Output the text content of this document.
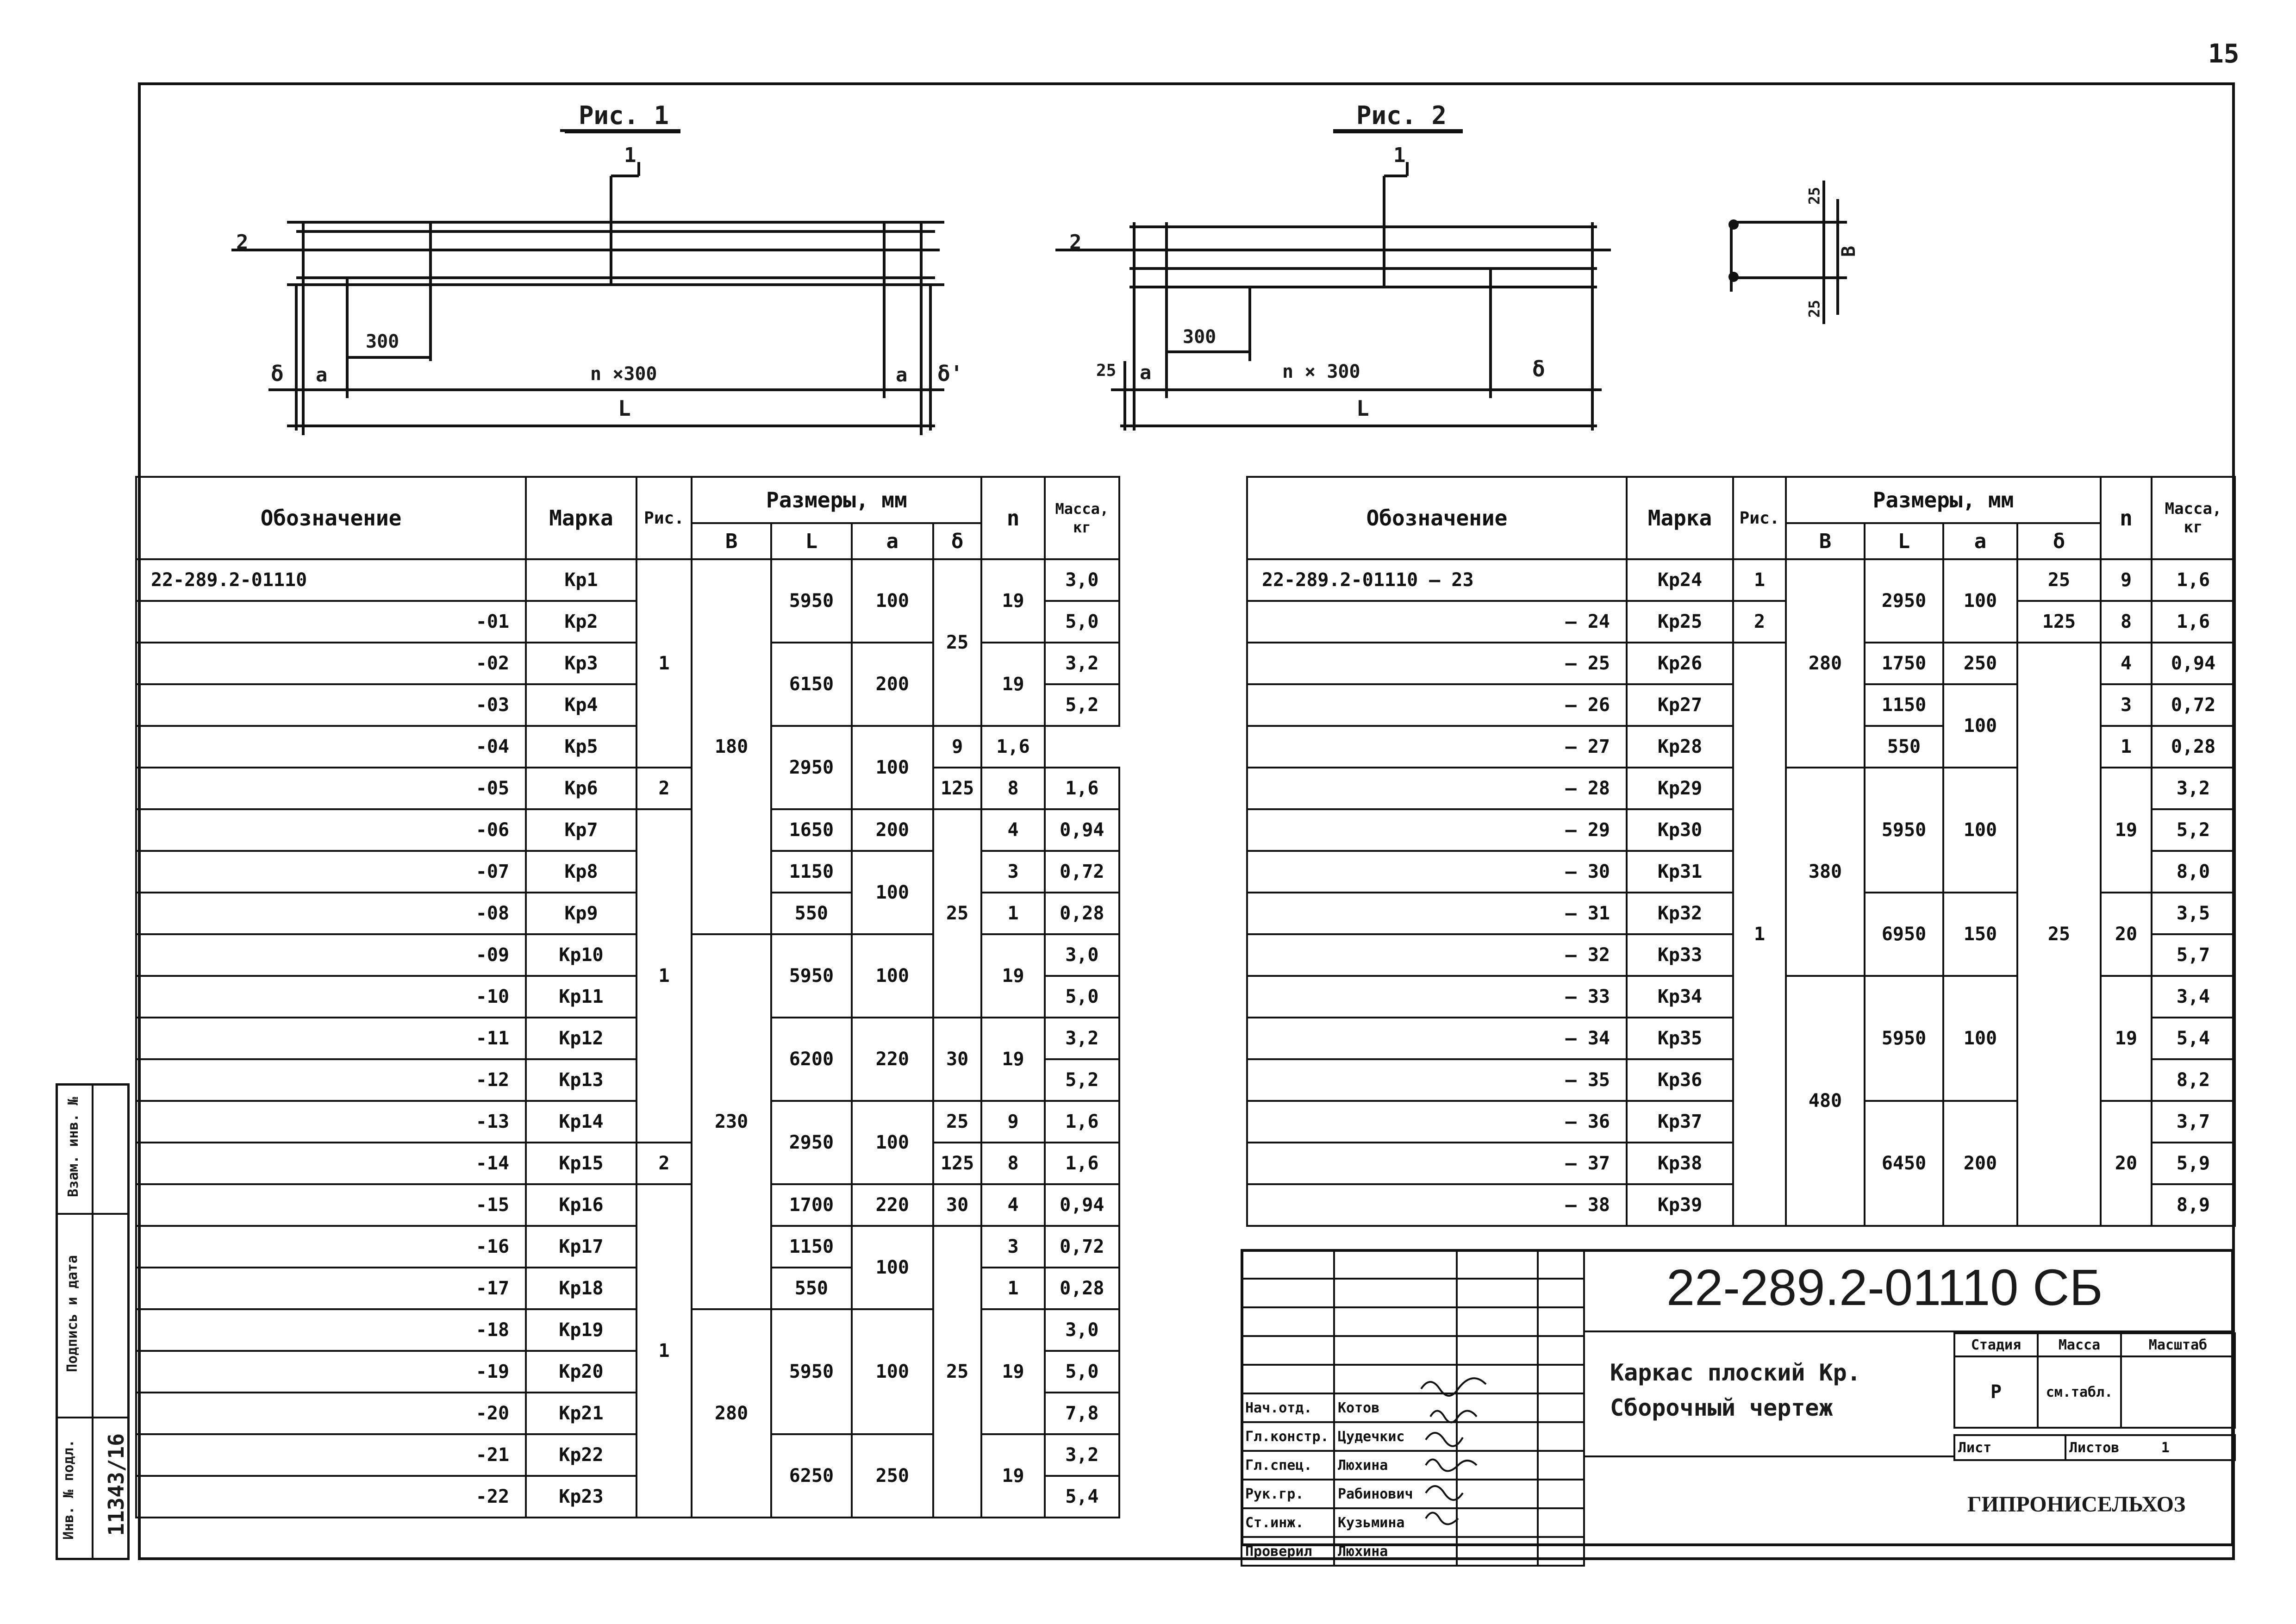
15
Рис. 1
1
2
300
n ×300
a	a
δ	δ'
L
Рис. 2
1
2
300
n × 300
a
25	δ
L
25
25
B
Обозначение	Марка	Рис.	Размеры, мм				n	Масса, кг
			B	L	a	δ		
22-289.2-01110	Кр1	1	180	5950	100	25	19	3,0
-01	Кр2							5,0
-02	Кр3			6150	200		19	3,2
-03	Кр4							5,2
-04	Кр5			2950	100	9	1,6	
-05	Кр6	2				125	8	1,6
-06	Кр7	1		1650	200	25	4	0,94
-07	Кр8			1150	100		3	0,72
-08	Кр9			550			1	0,28
-09	Кр10		230	5950	100		19	3,0
-10	Кр11							5,0
-11	Кр12			6200	220	30	19	3,2
-12	Кр13							5,2
-13	Кр14			2950	100	25	9	1,6
-14	Кр15	2				125	8	1,6
-15	Кр16	1		1700	220	30	4	0,94
-16	Кр17			1150	100	25	3	0,72
-17	Кр18			550			1	0,28
-18	Кр19		280	5950	100		19	3,0
-19	Кр20							5,0
-20	Кр21							7,8
-21	Кр22			6250	250		19	3,2
-22	Кр23							5,4
Обозначение	Марка	Рис.	Размеры, мм				n	Масса, кг
			B	L	a	δ		
22-289.2-01110 – 23	Кр24	1	280	2950	100	25	9	1,6
– 24	Кр25	2				125	8	1,6
– 25	Кр26	1		1750	250	25	4	0,94
– 26	Кр27			1150	100		3	0,72
– 27	Кр28			550			1	0,28
– 28	Кр29		380	5950	100		19	3,2
– 29	Кр30							5,2
– 30	Кр31							8,0
– 31	Кр32			6950	150		20	3,5
– 32	Кр33							5,7
– 33	Кр34		480	5950	100		19	3,4
– 34	Кр35							5,4
– 35	Кр36							8,2
– 36	Кр37			6450	200		20	3,7
– 37	Кр38							5,9
– 38	Кр39							8,9

Нач.отд.	Котов		
Гл.констр.	Цудечкис		
Гл.спец.	Люхина		
Рук.гр.	Рабинович		
Ст.инж.	Кузьмина		
Проверил	Люхина		
22-289.2-01110 СБ
Каркас плоский Кр.
Сборочный чертеж
Стадия	Масса	Масштаб
Р	см.табл.	
Лист	Листов	1
ГИПРОНИСЕЛЬХОЗ
Взам. инв. №
Подпись и дата
Инв. № подл. 11343/16
